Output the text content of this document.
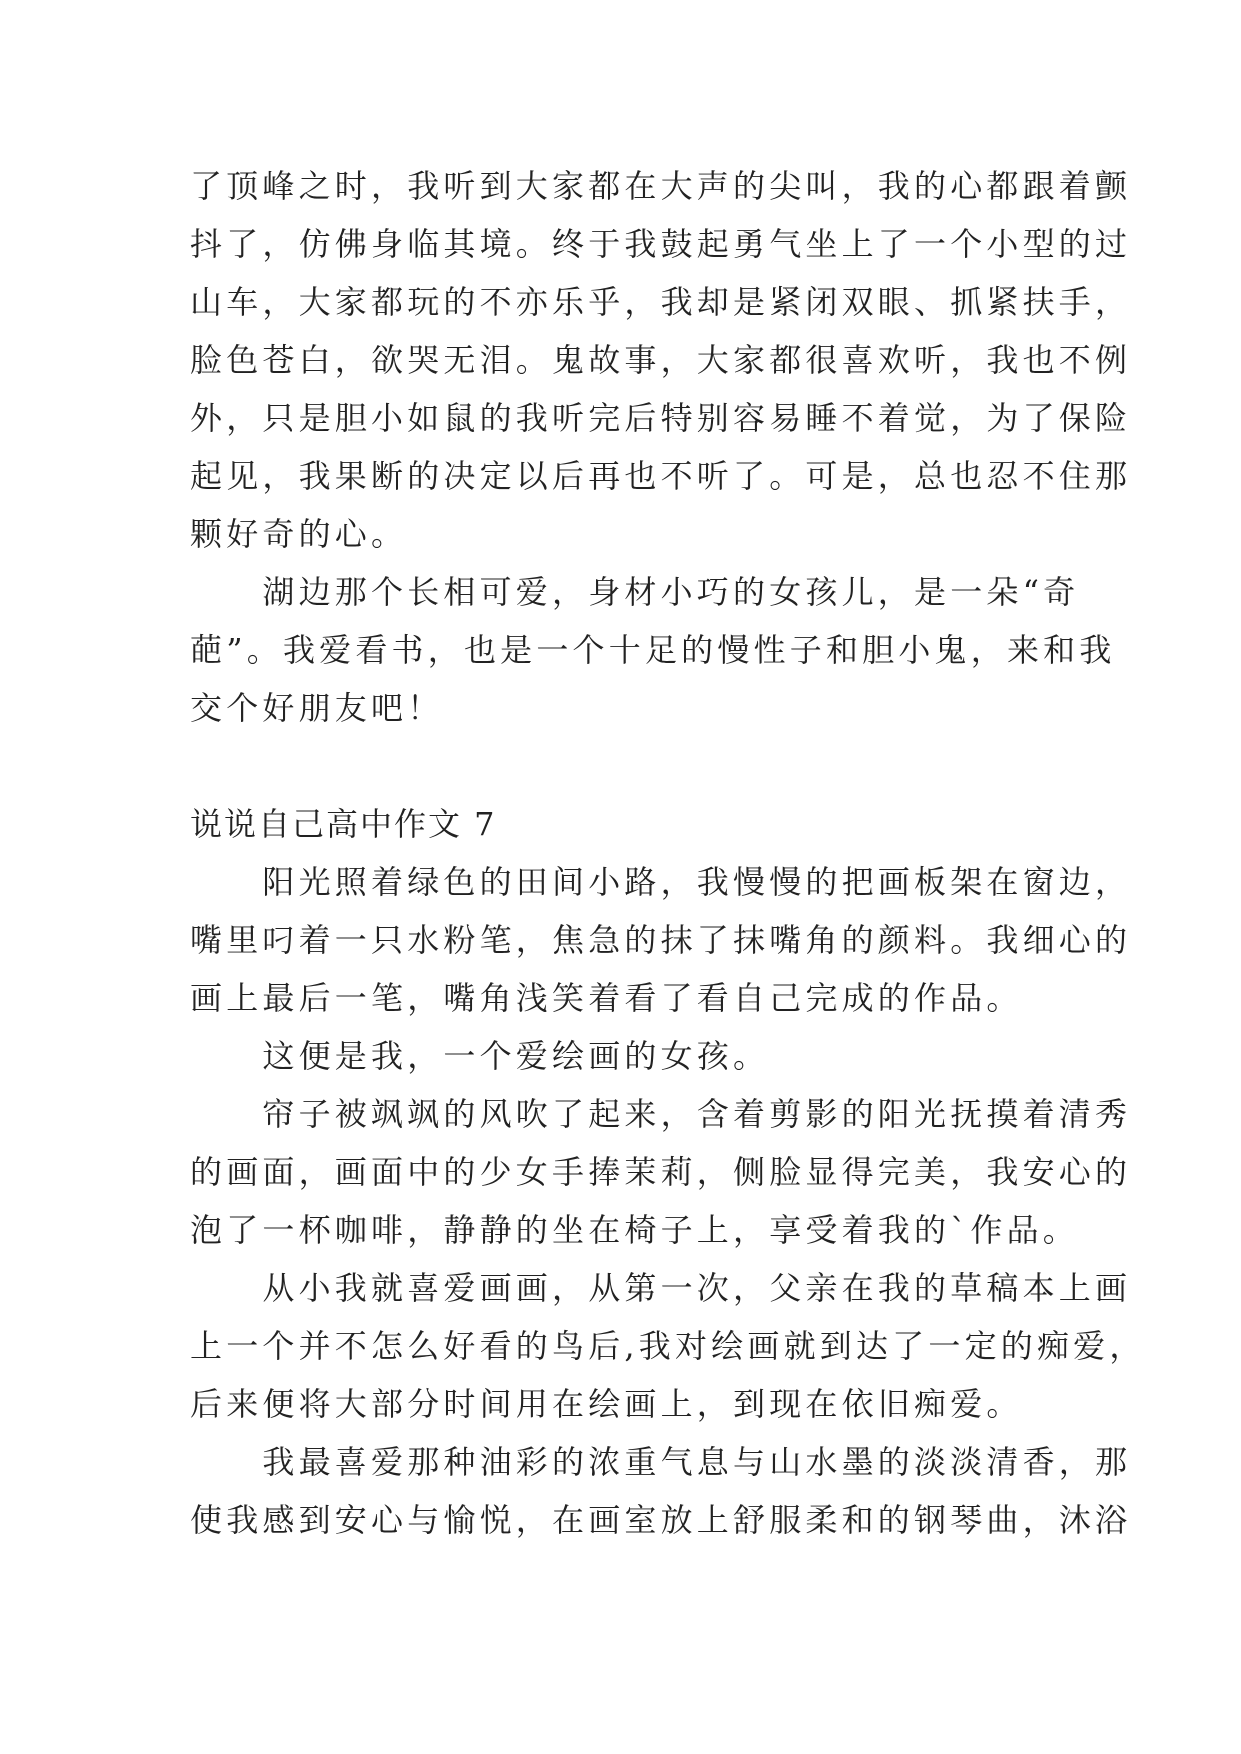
了顶峰之时，我听到大家都在大声的尖叫，我的心都跟着颤
抖了，仿佛身临其境。终于我鼓起勇气坐上了一个小型的过
山车，大家都玩的不亦乐乎，我却是紧闭双眼、抓紧扶手，
脸色苍白，欲哭无泪。鬼故事，大家都很喜欢听，我也不例
外，只是胆小如鼠的我听完后特别容易睡不着觉，为了保险
起见，我果断的决定以后再也不听了。可是，总也忍不住那
颗好奇的心。
　　湖边那个长相可爱，身材小巧的女孩儿，是一朵“奇
葩”。我爱看书，也是一个十足的慢性子和胆小鬼，来和我
交个好朋友吧！
说说自己高中作文 7
　　阳光照着绿色的田间小路，我慢慢的把画板架在窗边，
嘴里叼着一只水粉笔，焦急的抹了抹嘴角的颜料。我细心的
画上最后一笔，嘴角浅笑着看了看自己完成的作品。
　　这便是我，一个爱绘画的女孩。
　　帘子被飒飒的风吹了起来，含着剪影的阳光抚摸着清秀
的画面，画面中的少女手捧茉莉，侧脸显得完美，我安心的
泡了一杯咖啡，静静的坐在椅子上，享受着我的`作品。
　　从小我就喜爱画画，从第一次，父亲在我的草稿本上画
上一个并不怎么好看的鸟后,我对绘画就到达了一定的痴爱，
后来便将大部分时间用在绘画上，到现在依旧痴爱。
　　我最喜爱那种油彩的浓重气息与山水墨的淡淡清香，那
使我感到安心与愉悦，在画室放上舒服柔和的钢琴曲，沐浴
